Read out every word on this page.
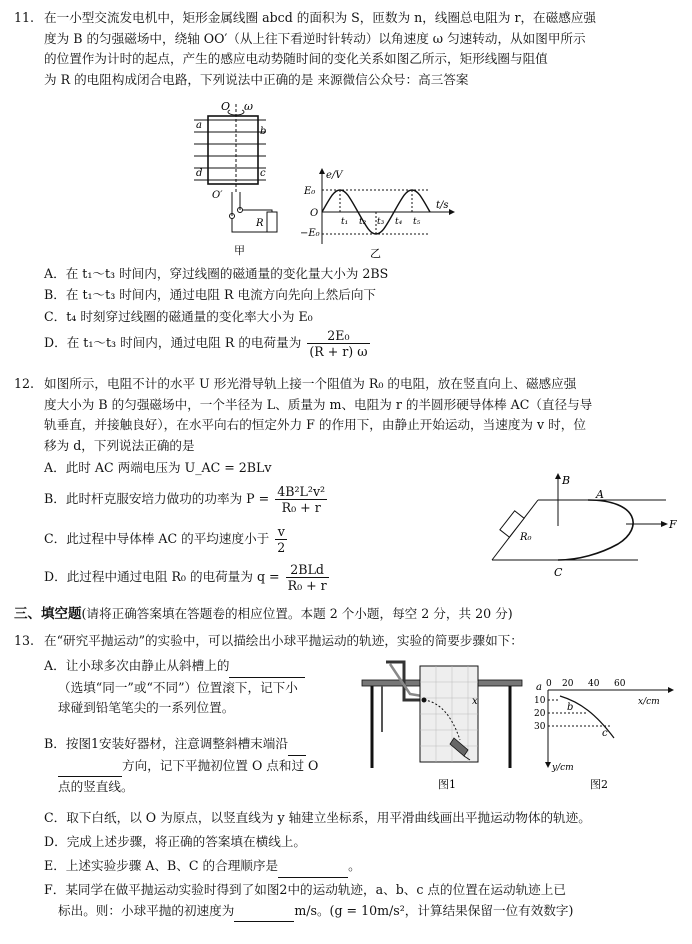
11. 在一小型交流发电机中，矩形金属线圈 abcd 的面积为 S，匝数为 n，线圈总电阻为 r，在磁感应强
度为 B 的匀强磁场中，绕轴 OO′（从上往下看逆时针转动）以角速度 ω 匀速转动，从如图甲所示
的位置作为计时的起点，产生的感应电动势随时间的变化关系如图乙所示，矩形线圈与阻值
为 R 的电阻构成闭合电路，下列说法中正确的是 来源微信公众号：高三答案
O ω
a
b
c
d
O′
R
甲
e/V
E₀
O
−E₀
t/s
t₁ t₂ t₃ t₄ t₅
乙
A．在 t₁～t₃ 时间内，穿过线圈的磁通量的变化量大小为 2BS
B．在 t₁～t₃ 时间内，通过电阻 R 电流方向先向上然后向下
C．t₄ 时刻穿过线圈的磁通量的变化率大小为 E₀
D．在 t₁～t₃ 时间内，通过电阻 R 的电荷量为 $\frac{\text{2E₀}}{(R + r) \omega}$
12. 如图所示，电阻不计的水平 U 形光滑导轨上接一个阻值为 R₀ 的电阻，放在竖直向上、磁感应强
度大小为 B 的匀强磁场中，一个半径为 L、质量为 m、电阻为 r 的半圆形硬导体棒 AC（直径与导
轨垂直，并接触良好），在水平向右的恒定外力 F 的作用下，由静止开始运动，当速度为 v 时，位
移为 d，下列说法正确的是
A．此时 AC 两端电压为 U_AC = 2BLv
B．此时杆克服安培力做功的功率为 $P = \frac{\text{4B²L²v²}}{\text{R₀ + r}}$
C．此过程中导体棒 AC 的平均速度小于 $\frac{v}{2}$
D．此过程中通过电阻 R₀ 的电荷量为 $q = \frac{\text{2BLd}}{\text{R₀ + r}}$
B
R₀
F
A
C
三、填空题(请将正确答案填在答题卷的相应位置。本题 2 个小题，每空 2 分，共 20 分)
13. 在“研究平抛运动”的实验中，可以描绘出小球平抛运动的轨迹，实验的简要步骤如下：
A．让小球多次由静止从斜槽上的
（选填“同一”或“不同”）位置滚下，记下小
球碰到铅笔笔尖的一系列位置。
B．按图1安装好器材，注意调整斜槽末端沿
方向，记下平抛初位置 O 点和过 O
点的竖直线。
x
图1
a 0 20 40 60
x/cm
10
20
30
b
c
y/cm
图2
C．取下白纸，以 O 为原点，以竖直线为 y 轴建立坐标系，用平滑曲线画出平抛运动物体的轨迹。
D．完成上述步骤，将正确的答案填在横线上。
E．上述实验步骤 A、B、C 的合理顺序是	。
F．某同学在做平抛运动实验时得到了如图2中的运动轨迹，a、b、c 点的位置在运动轨迹上已
标出。则：小球平抛的初速度为	m/s。(g = 10m/s²，计算结果保留一位有效数字)
